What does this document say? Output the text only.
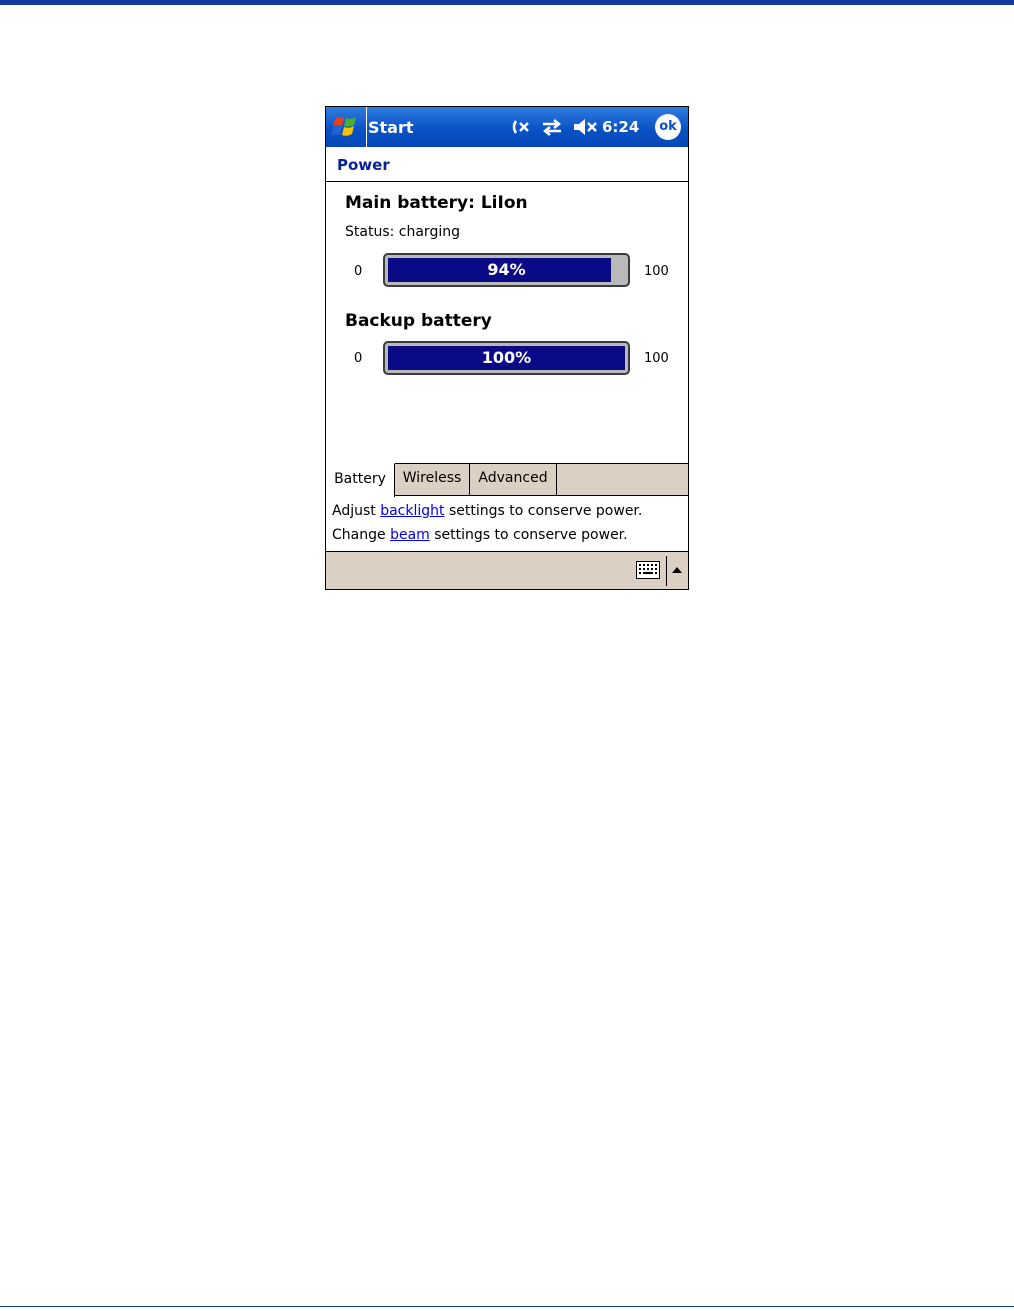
Start	6:24	ok
Power
Main battery: LiIon
Status: charging
0	94%	100
Backup battery
0	100%	100
Battery	Wireless	Advanced
Adjust backlight settings to conserve power.
Change beam settings to conserve power.
